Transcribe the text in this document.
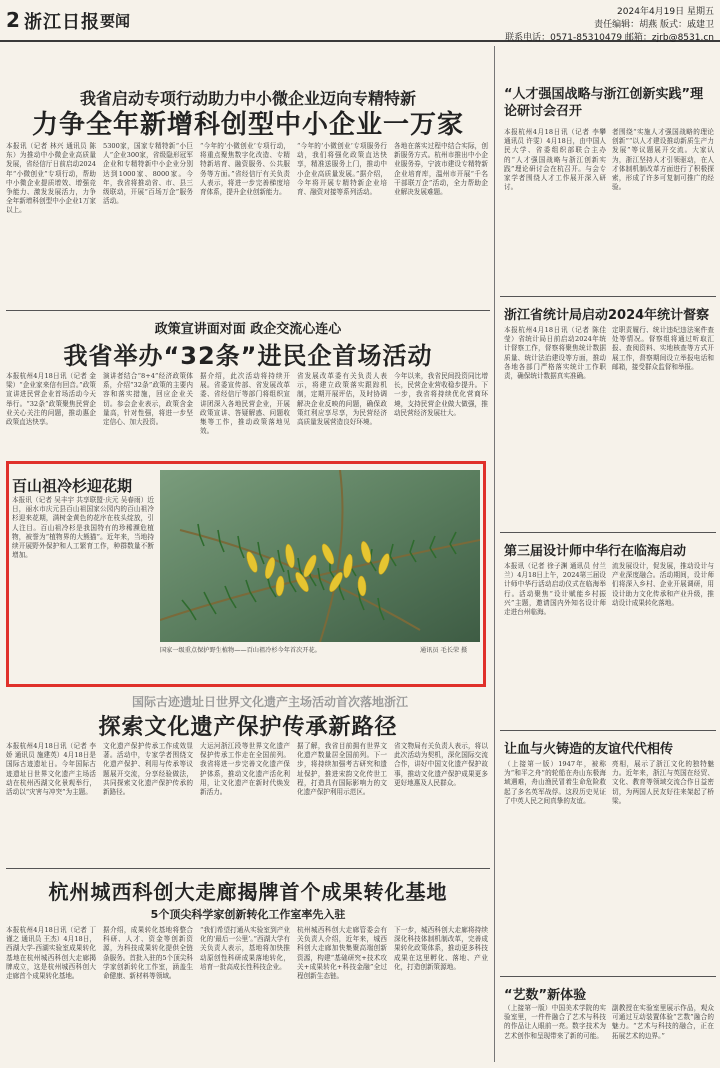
2 浙江日报 要闻	2024年4月19日 星期五
责任编辑：胡燕 版式：戚建卫
联系电话：0571-85310479 邮箱：zjrb@8531.cn
我省启动专项行动助力中小微企业迈向专精特新
力争全年新增科创型中小企业一万家
本报讯（记者 林兴 通讯员 陈东）为推动中小微企业高质量发展，省经信厅日前启动2024年“小微创业”专项行动，帮助中小微企业提质增效、增强竞争能力、激发发展活力，力争全年新增科创型中小企业1万家以上。
5300家，国家专精特新“小巨人”企业300家，省级隐形冠军企业和专精特新中小企业分别达到1000家、8000家。今年，我省将推动省、市、县三级联动，开展“百场万企”服务活动。
“今年的‘小微创业’专项行动，将重点聚焦数字化改造、专精特新培育、融资服务、公共服务等方面。”省经信厅有关负责人表示，将进一步完善梯度培育体系，提升企业创新能力。
“今年的‘小微创业’专项服务行动，我们将强化政策直达快享，精准送服务上门，推动中小企业高质量发展。”据介绍，今年将开展专精特新企业培育、融资对接等系列活动。
各地在落实过程中结合实际，创新服务方式。杭州市推出中小企业服务券，宁波市建设专精特新企业培育库，温州市开展“千名干部联万企”活动，全力帮助企业解决发展难题。
政策宣讲面对面 政企交流心连心
我省举办“32条”进民企首场活动
本报杭州4月18日讯（记者 金梁）“企业家来信有回音。”政策宣讲进民营企业首场活动今天举行。“32条”政策聚焦民营企业关心关注的问题，推动惠企政策直达快享。
演讲者结合“8+4”经济政策体系，介绍“32条”政策的主要内容和落实措施，回应企业关切。参会企业表示，政策含金量高，针对性强，将进一步坚定信心、加大投资。
据介绍，此次活动将持续开展。省委宣传部、省发展改革委、省经信厅等部门将组织宣讲团深入各地民营企业，开展政策宣讲、答疑解惑、问题收集等工作，推动政策落地见效。
省发展改革委有关负责人表示，将建立政策落实跟踪机制，定期开展评估，及时协调解决企业反映的问题，确保政策红利应享尽享，为民营经济高质量发展营造良好环境。
今年以来，我省民间投资同比增长，民营企业营收稳步提升。下一步，我省将持续优化营商环境，支持民营企业做大做强，推动民营经济发展壮大。
百山祖冷杉迎花期
本报讯（记者 吴丰宇 共享联盟·庆元 吴春雨）近日，丽水市庆元县百山祖国家公园内的百山祖冷杉迎来花期，满树金黄色的花序在枝头绽放，引人注目。百山祖冷杉是我国特有的珍稀濒危植物，被誉为“植物界的大熊猫”。近年来，当地持续开展野外保护和人工繁育工作，种群数量不断增加。
国家一级重点保护野生植物——百山祖冷杉今年首次开花。	通讯员 毛长荣 摄
国际古迹遗址日世界文化遗产主场活动首次落地浙江
探索文化遗产保护传承新路径
本报杭州4月18日讯（记者 李娇 通讯员 施建英）4月18日是国际古迹遗址日。今年国际古迹遗址日世界文化遗产主场活动在杭州西湖文化景观举行，活动以“灾害与冲突”为主题。
文化遗产保护传承工作成效显著。活动中，专家学者围绕文化遗产保护、利用与传承等议题展开交流，分享经验做法，共同探索文化遗产保护传承的新路径。
大运河浙江段等世界文化遗产保护传承工作走在全国前列。我省将进一步完善文化遗产保护体系，推动文化遗产活化利用，让文化遗产在新时代焕发新活力。
据了解，我省目前拥有世界文化遗产数量居全国前列。下一步，将持续加强考古研究和遗址保护，推进宋韵文化传世工程，打造具有国际影响力的文化遗产保护利用示范区。
省文物局有关负责人表示，将以此次活动为契机，深化国际交流合作，讲好中国文化遗产保护故事，推动文化遗产保护成果更多更好地惠及人民群众。
杭州城西科创大走廊揭牌首个成果转化基地
5个顶尖科学家创新转化工作室率先入驻
本报杭州4月18日讯（记者 丁谨之 通讯员 王杰）4月18日，西湖大学-西湖实验室成果转化基地在杭州城西科创大走廊揭牌成立，这是杭州城西科创大走廊首个成果转化基地。
据介绍，成果转化基地将整合科研、人才、资金等创新资源，为科技成果转化提供全链条服务。首批入驻的5个顶尖科学家创新转化工作室，涵盖生命健康、新材料等领域。
“我们希望打通从实验室到产业化的‘最后一公里’。”西湖大学有关负责人表示，基地将加快推动原创性科研成果落地转化，培育一批高成长性科技企业。
杭州城西科创大走廊管委会有关负责人介绍，近年来，城西科创大走廊加快集聚高端创新资源，构建“基础研究+技术攻关+成果转化+科技金融”全过程创新生态链。
下一步，城西科创大走廊将持续深化科技体制机制改革，完善成果转化政策体系，推动更多科技成果在这里孵化、落地、产业化，打造创新策源地。
“人才强国战略与浙江创新实践”理论研讨会召开
本报杭州4月18日讯（记者 李攀 通讯员 许雯）4月18日，由中国人民大学、省委组织部联合主办的“人才强国战略与浙江创新实践”理论研讨会在杭召开。与会专家学者围绕人才工作展开深入研讨。
者围绕“实施人才强国战略的理论创新”“以人才建设推动新质生产力发展”等议题展开交流。大家认为，浙江坚持人才引领驱动，在人才体制机制改革方面进行了积极探索，形成了许多可复制可推广的经验。
浙江省统计局启动2024年统计督察
本报杭州4月18日讯（记者 陈佳莹）省统计局日前启动2024年统计督察工作，督察将聚焦统计数据质量、统计法治建设等方面，推动各地各部门严格落实统计工作职责，确保统计数据真实准确。
定职责履行、统计违纪违法案件查处等情况。督察组将通过听取汇报、查阅资料、实地核查等方式开展工作，督察期间设立举报电话和邮箱，接受群众监督和举报。
第三届设计师中华行在临海启动
本报讯（记者 徐子渊 通讯员 付兰兰）4月18日上午，2024第三届设计师中华行活动启动仪式在临海举行。活动聚焦“设计赋能乡村振兴”主题，邀请国内外知名设计师走进台州临海。
流发展设计，促发展，推动设计与产业深度融合。活动期间，设计师们将深入乡村、企业开展调研，用设计助力文化传承和产业升级，推动设计成果转化落地。
让血与火铸造的友谊代代相传
（上接第一版）1947年，被称为“和平之舟”的轮船在舟山东极海域遇难，舟山渔民冒着生命危险救起了多名英军战俘。这段历史见证了中英人民之间真挚的友谊。
亮相，展示了浙江文化的独特魅力。近年来，浙江与英国在经贸、文化、教育等领域交流合作日益密切，为两国人民友好往来架起了桥梁。
“艺数”新体验
（上接第一版）中国美术学院的实验室里，一件件融合了艺术与科技的作品让人眼前一亮。数字技术为艺术创作和呈现带来了新的可能。
副教授在实验室里展示作品，观众可通过互动装置体验“艺数”融合的魅力。“艺术与科技的融合，正在拓展艺术的边界。”
